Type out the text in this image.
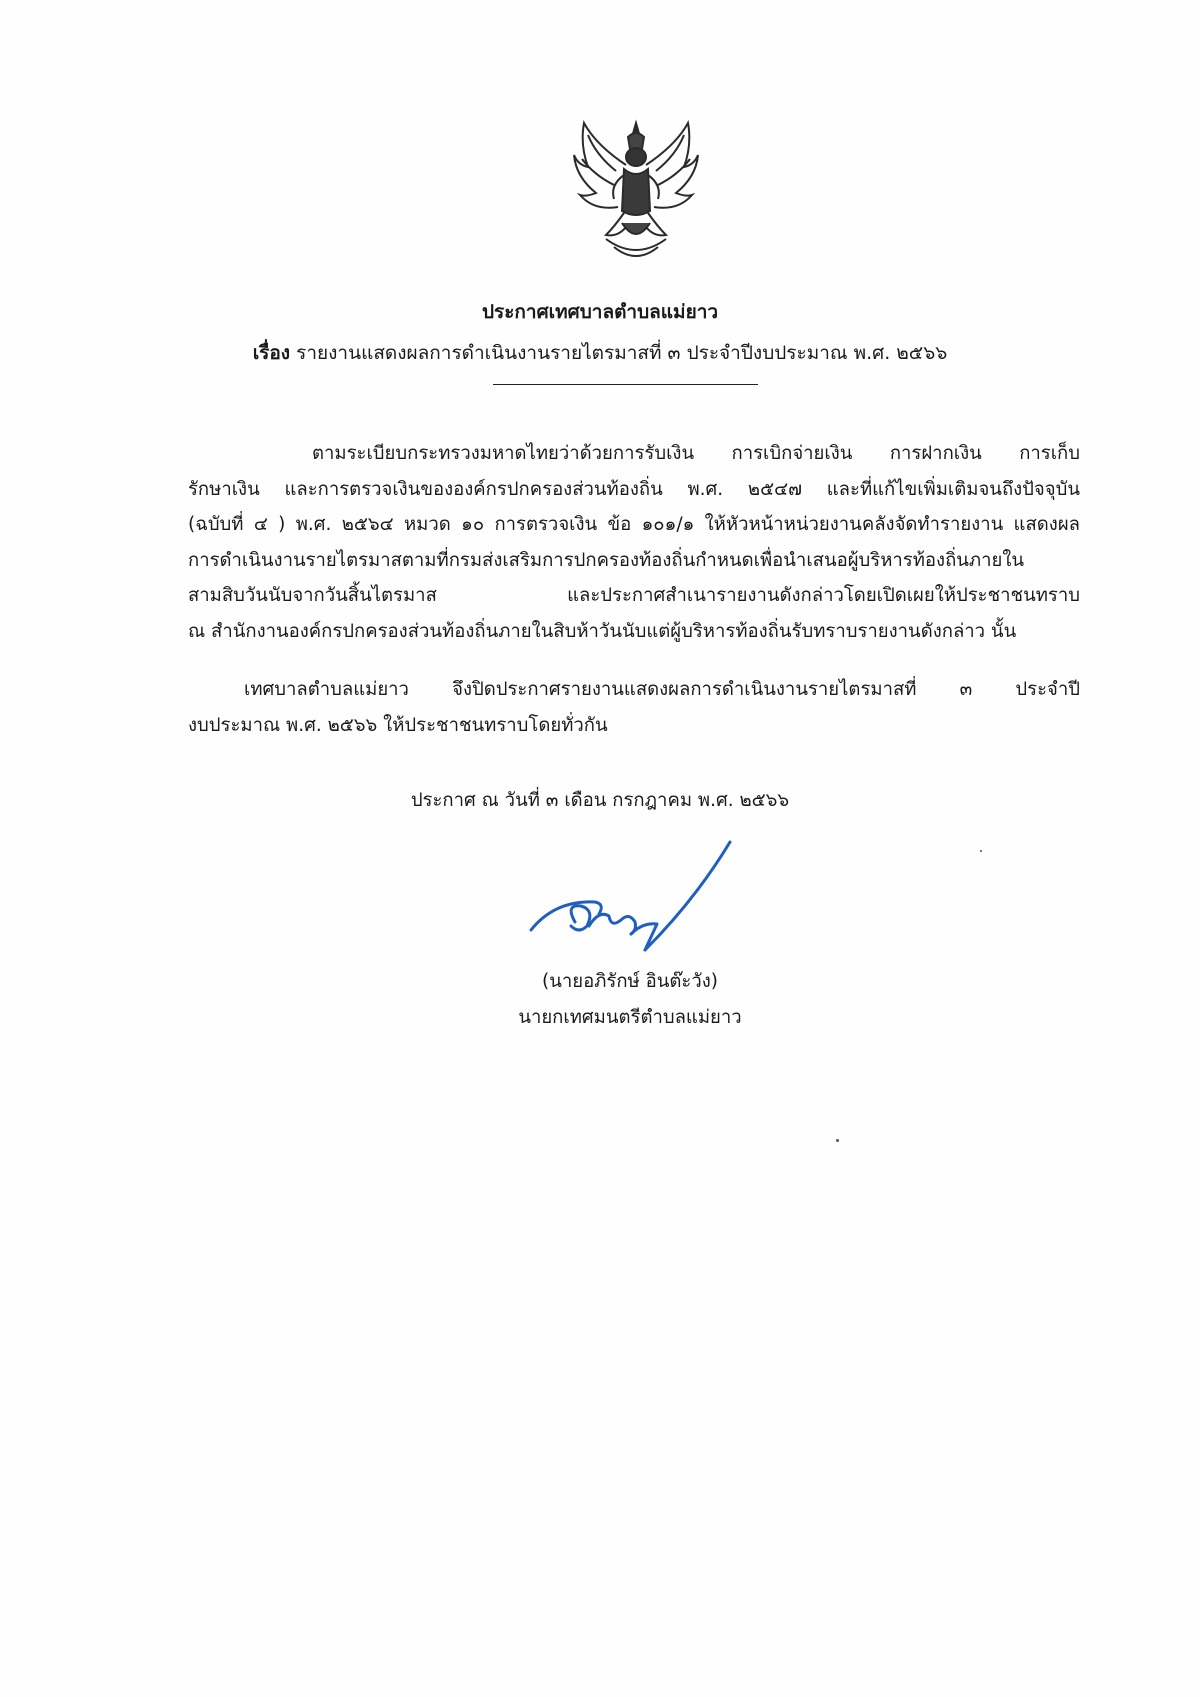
ประกาศเทศบาลตำบลแม่ยาว
เรื่อง รายงานแสดงผลการดำเนินงานรายไตรมาสที่ ๓ ประจำปีงบประมาณ พ.ศ. ๒๕๖๖
ตามระเบียบกระทรวงมหาดไทยว่าด้วยการรับเงิน การเบิกจ่ายเงิน การฝากเงิน การเก็บ
รักษาเงิน และการตรวจเงินขององค์กรปกครองส่วนท้องถิ่น พ.ศ. ๒๕๔๗ และที่แก้ไขเพิ่มเติมจนถึงปัจจุบัน
(ฉบับที่ ๔ ) พ.ศ. ๒๕๖๔ หมวด ๑๐ การตรวจเงิน ข้อ ๑๐๑/๑ ให้หัวหน้าหน่วยงานคลังจัดทำรายงาน แสดงผล
การดำเนินงานรายไตรมาสตามที่กรมส่งเสริมการปกครองท้องถิ่นกำหนดเพื่อนำเสนอผู้บริหารท้องถิ่นภายใน
สามสิบวันนับจากวันสิ้นไตรมาส และประกาศสำเนารายงานดังกล่าวโดยเปิดเผยให้ประชาชนทราบ
ณ สำนักงานองค์กรปกครองส่วนท้องถิ่นภายในสิบห้าวันนับแต่ผู้บริหารท้องถิ่นรับทราบรายงานดังกล่าว นั้น
เทศบาลตำบลแม่ยาว จึงปิดประกาศรายงานแสดงผลการดำเนินงานรายไตรมาสที่ ๓ ประจำปี
งบประมาณ พ.ศ. ๒๕๖๖ ให้ประชาชนทราบโดยทั่วกัน
ประกาศ ณ วันที่ ๓ เดือน กรกฎาคม พ.ศ. ๒๕๖๖
(นายอภิรักษ์ อินต๊ะวัง)
นายกเทศมนตรีตำบลแม่ยาว
